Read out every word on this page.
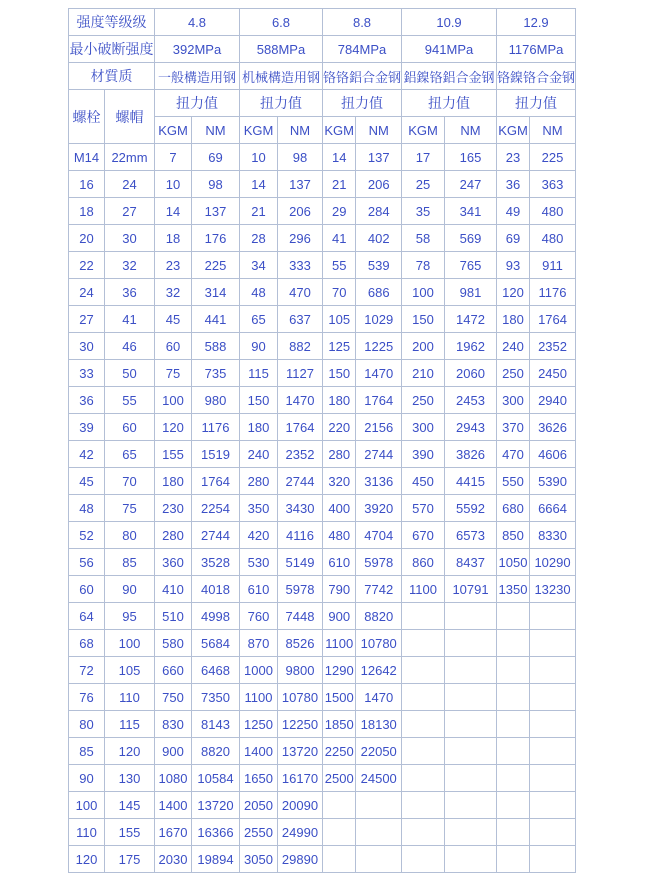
强度等级级		4.8		6.8		8.8		10.9		12.9	
最小破断强度		392MPa		588MPa		784MPa		941MPa		1176MPa	
材質质		一般構造用钢		机械構造用钢		铬铬鋁合金钢		鋁鎳铬鋁合金钢		铬鎳铬合金钢	
螺栓	螺帽	扭力值		扭力值		扭力值		扭力值		扭力值	
		KGM	NM	KGM	NM	KGM	NM	KGM	NM	KGM	NM
M14	22mm	7	69	10	98	14	137	17	165	23	225
16	24	10	98	14	137	21	206	25	247	36	363
18	27	14	137	21	206	29	284	35	341	49	480
20	30	18	176	28	296	41	402	58	569	69	480
22	32	23	225	34	333	55	539	78	765	93	911
24	36	32	314	48	470	70	686	100	981	120	1176
27	41	45	441	65	637	105	1029	150	1472	180	1764
30	46	60	588	90	882	125	1225	200	1962	240	2352
33	50	75	735	115	1127	150	1470	210	2060	250	2450
36	55	100	980	150	1470	180	1764	250	2453	300	2940
39	60	120	1176	180	1764	220	2156	300	2943	370	3626
42	65	155	1519	240	2352	280	2744	390	3826	470	4606
45	70	180	1764	280	2744	320	3136	450	4415	550	5390
48	75	230	2254	350	3430	400	3920	570	5592	680	6664
52	80	280	2744	420	4116	480	4704	670	6573	850	8330
56	85	360	3528	530	5149	610	5978	860	8437	1050	10290
60	90	410	4018	610	5978	790	7742	1100	10791	1350	13230
64	95	510	4998	760	7448	900	8820				
68	100	580	5684	870	8526	1100	10780				
72	105	660	6468	1000	9800	1290	12642				
76	110	750	7350	1100	10780	1500	1470				
80	115	830	8143	1250	12250	1850	18130				
85	120	900	8820	1400	13720	2250	22050				
90	130	1080	10584	1650	16170	2500	24500				
100	145	1400	13720	2050	20090						
110	155	1670	16366	2550	24990						
120	175	2030	19894	3050	29890						
